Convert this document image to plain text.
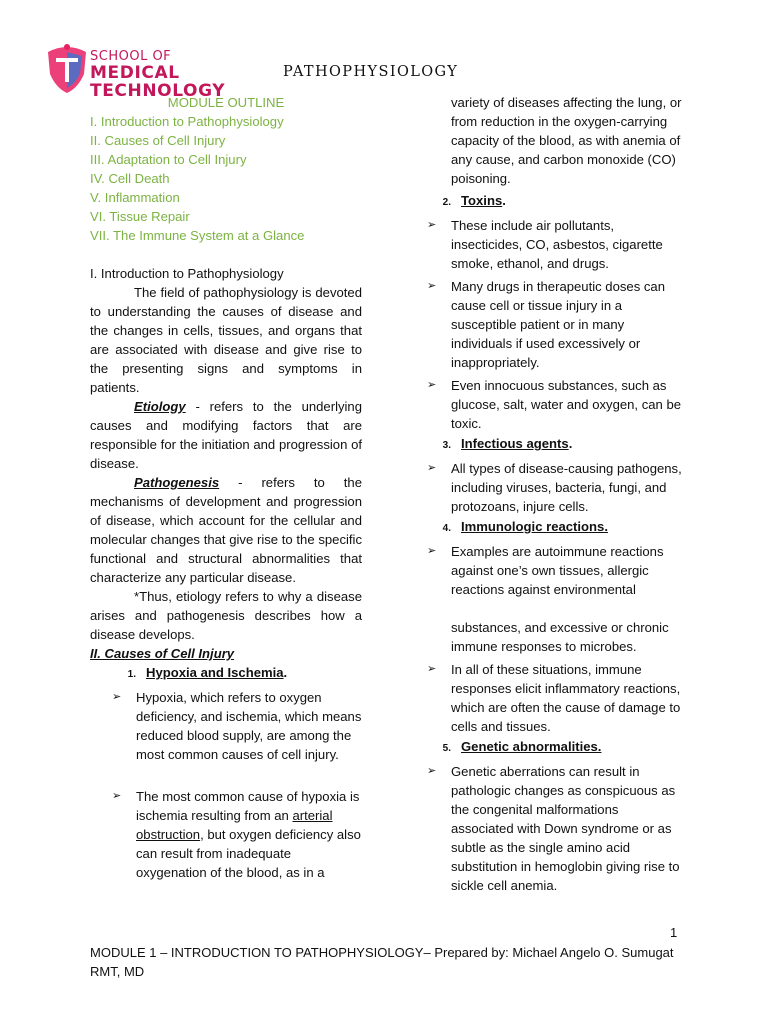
SCHOOL OF
MEDICAL
TECHNOLOGY
PATHOPHYSIOLOGY

MODULE OUTLINE

I. Introduction to Pathophysiology

II. Causes of Cell Injury

III. Adaptation to Cell Injury

IV. Cell Death

V. Inflammation

VI. Tissue Repair

VII. The Immune System at a Glance

I. Introduction to Pathophysiology

The field of pathophysiology is devoted to understanding the causes of disease and the changes in cells, tissues, and organs that are associated with disease and give rise to the presenting signs and symptoms in patients.

Etiology - refers to the underlying causes and modifying factors that are responsible for the initiation and progression of disease.

Pathogenesis - refers to the mechanisms of development and progression of disease, which account for the cellular and molecular changes that give rise to the specific functional and structural abnormalities that characterize any particular disease.

*Thus, etiology refers to why a disease arises and pathogenesis describes how a disease develops.

II. Causes of Cell Injury

1. Hypoxia and Ischemia .
➢	Hypoxia, which refers to oxygen deficiency, and ischemia, which means reduced blood supply, are among the most common causes of cell injury.
➢	The most common cause of hypoxia is ischemia resulting from an arterial obstruction, but oxygen deficiency also can result from inadequate oxygenation of the blood, as in a

variety of diseases affecting the lung, or from reduction in the oxygen-carrying capacity of the blood, as with anemia of any cause, and carbon monoxide (CO) poisoning.

2. Toxins .
➢	These include air pollutants, insecticides, CO, asbestos, cigarette smoke, ethanol, and drugs.
➢	Many drugs in therapeutic doses can cause cell or tissue injury in a susceptible patient or in many individuals if used excessively or inappropriately.
➢	Even innocuous substances, such as glucose, salt, water and oxygen, can be toxic.
3. Infectious agents .
➢	All types of disease-causing pathogens, including viruses, bacteria, fungi, and protozoans, injure cells.
4. Immunologic reactions.
➢	Examples are autoimmune reactions against one’s own tissues, allergic reactions against environmental

substances, and excessive or chronic immune responses to microbes.
➢	In all of these situations, immune responses elicit inflammatory reactions, which are often the cause of damage to cells and tissues.
5. Genetic abnormalities.
➢	Genetic aberrations can result in pathologic changes as conspicuous as the congenital malformations associated with Down syndrome or as subtle as the single amino acid substitution in hemoglobin giving rise to sickle cell anemia.
1
MODULE 1 – INTRODUCTION TO PATHOPHYSIOLOGY– Prepared by: Michael Angelo O. Sumugat RMT, MD
